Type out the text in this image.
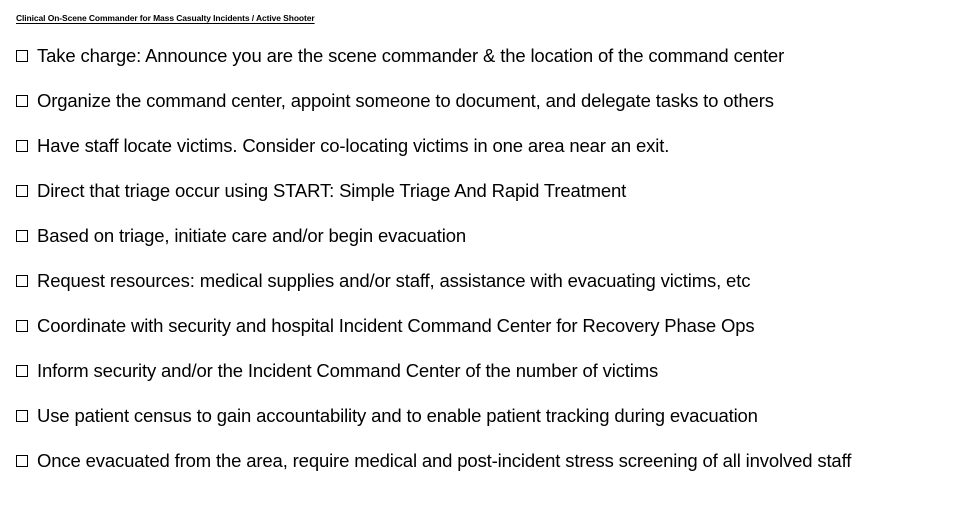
Clinical On-Scene Commander for Mass Casualty Incidents / Active Shooter
Take charge: Announce you are the scene commander & the location of the command center
Organize the command center, appoint someone to document, and delegate tasks to others
Have staff locate victims. Consider co-locating victims in one area near an exit.
Direct that triage occur using START: Simple Triage And Rapid Treatment
Based on triage, initiate care and/or begin evacuation
Request resources: medical supplies and/or staff, assistance with evacuating victims, etc
Coordinate with security and hospital Incident Command Center for Recovery Phase Ops
Inform security and/or the Incident Command Center of the number of victims
Use patient census to gain accountability and to enable patient tracking during evacuation
Once evacuated from the area, require medical and post-incident stress screening of all involved staff
